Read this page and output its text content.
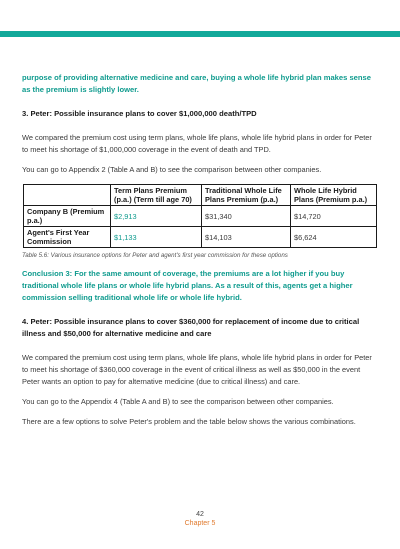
purpose of providing alternative medicine and care, buying a whole life hybrid plan makes sense as the premium is slightly lower.

3. Peter: Possible insurance plans to cover $1,000,000 death/TPD

We compared the premium cost using term plans, whole life plans, whole life hybrid plans in order for Peter to meet his shortage of $1,000,000 coverage in the event of death and TPD.

You can go to Appendix 2 (Table A and B) to see the comparison between other companies.

	Term Plans Premium (p.a.) (Term till age 70)	Traditional Whole Life Plans Premium (p.a.)	Whole Life Hybrid Plans (Premium p.a.)
Company B (Premium p.a.)	$2,913	$31,340	$14,720
Agent's First Year Commission	$1,133	$14,103	$6,624

Table 5.6: Various insurance options for Peter and agent's first year commission for these options

Conclusion 3: For the same amount of coverage, the premiums are a lot higher if you buy traditional whole life plans or whole life hybrid plans. As a result of this, agents get a higher commission selling traditional whole life or whole life hybrid.

4. Peter: Possible insurance plans to cover $360,000 for replacement of income due to critical illness and $50,000 for alternative medicine and care

We compared the premium cost using term plans, whole life plans, whole life hybrid plans in order for Peter to meet his shortage of $360,000 coverage in the event of critical illness as well as $50,000 in the event Peter wants an option to pay for alternative medicine (due to critical illness) and care.

You can go to the Appendix 4 (Table A and B) to see the comparison between other companies.

There are a few options to solve Peter's problem and the table below shows the various combinations.

42
Chapter 5
